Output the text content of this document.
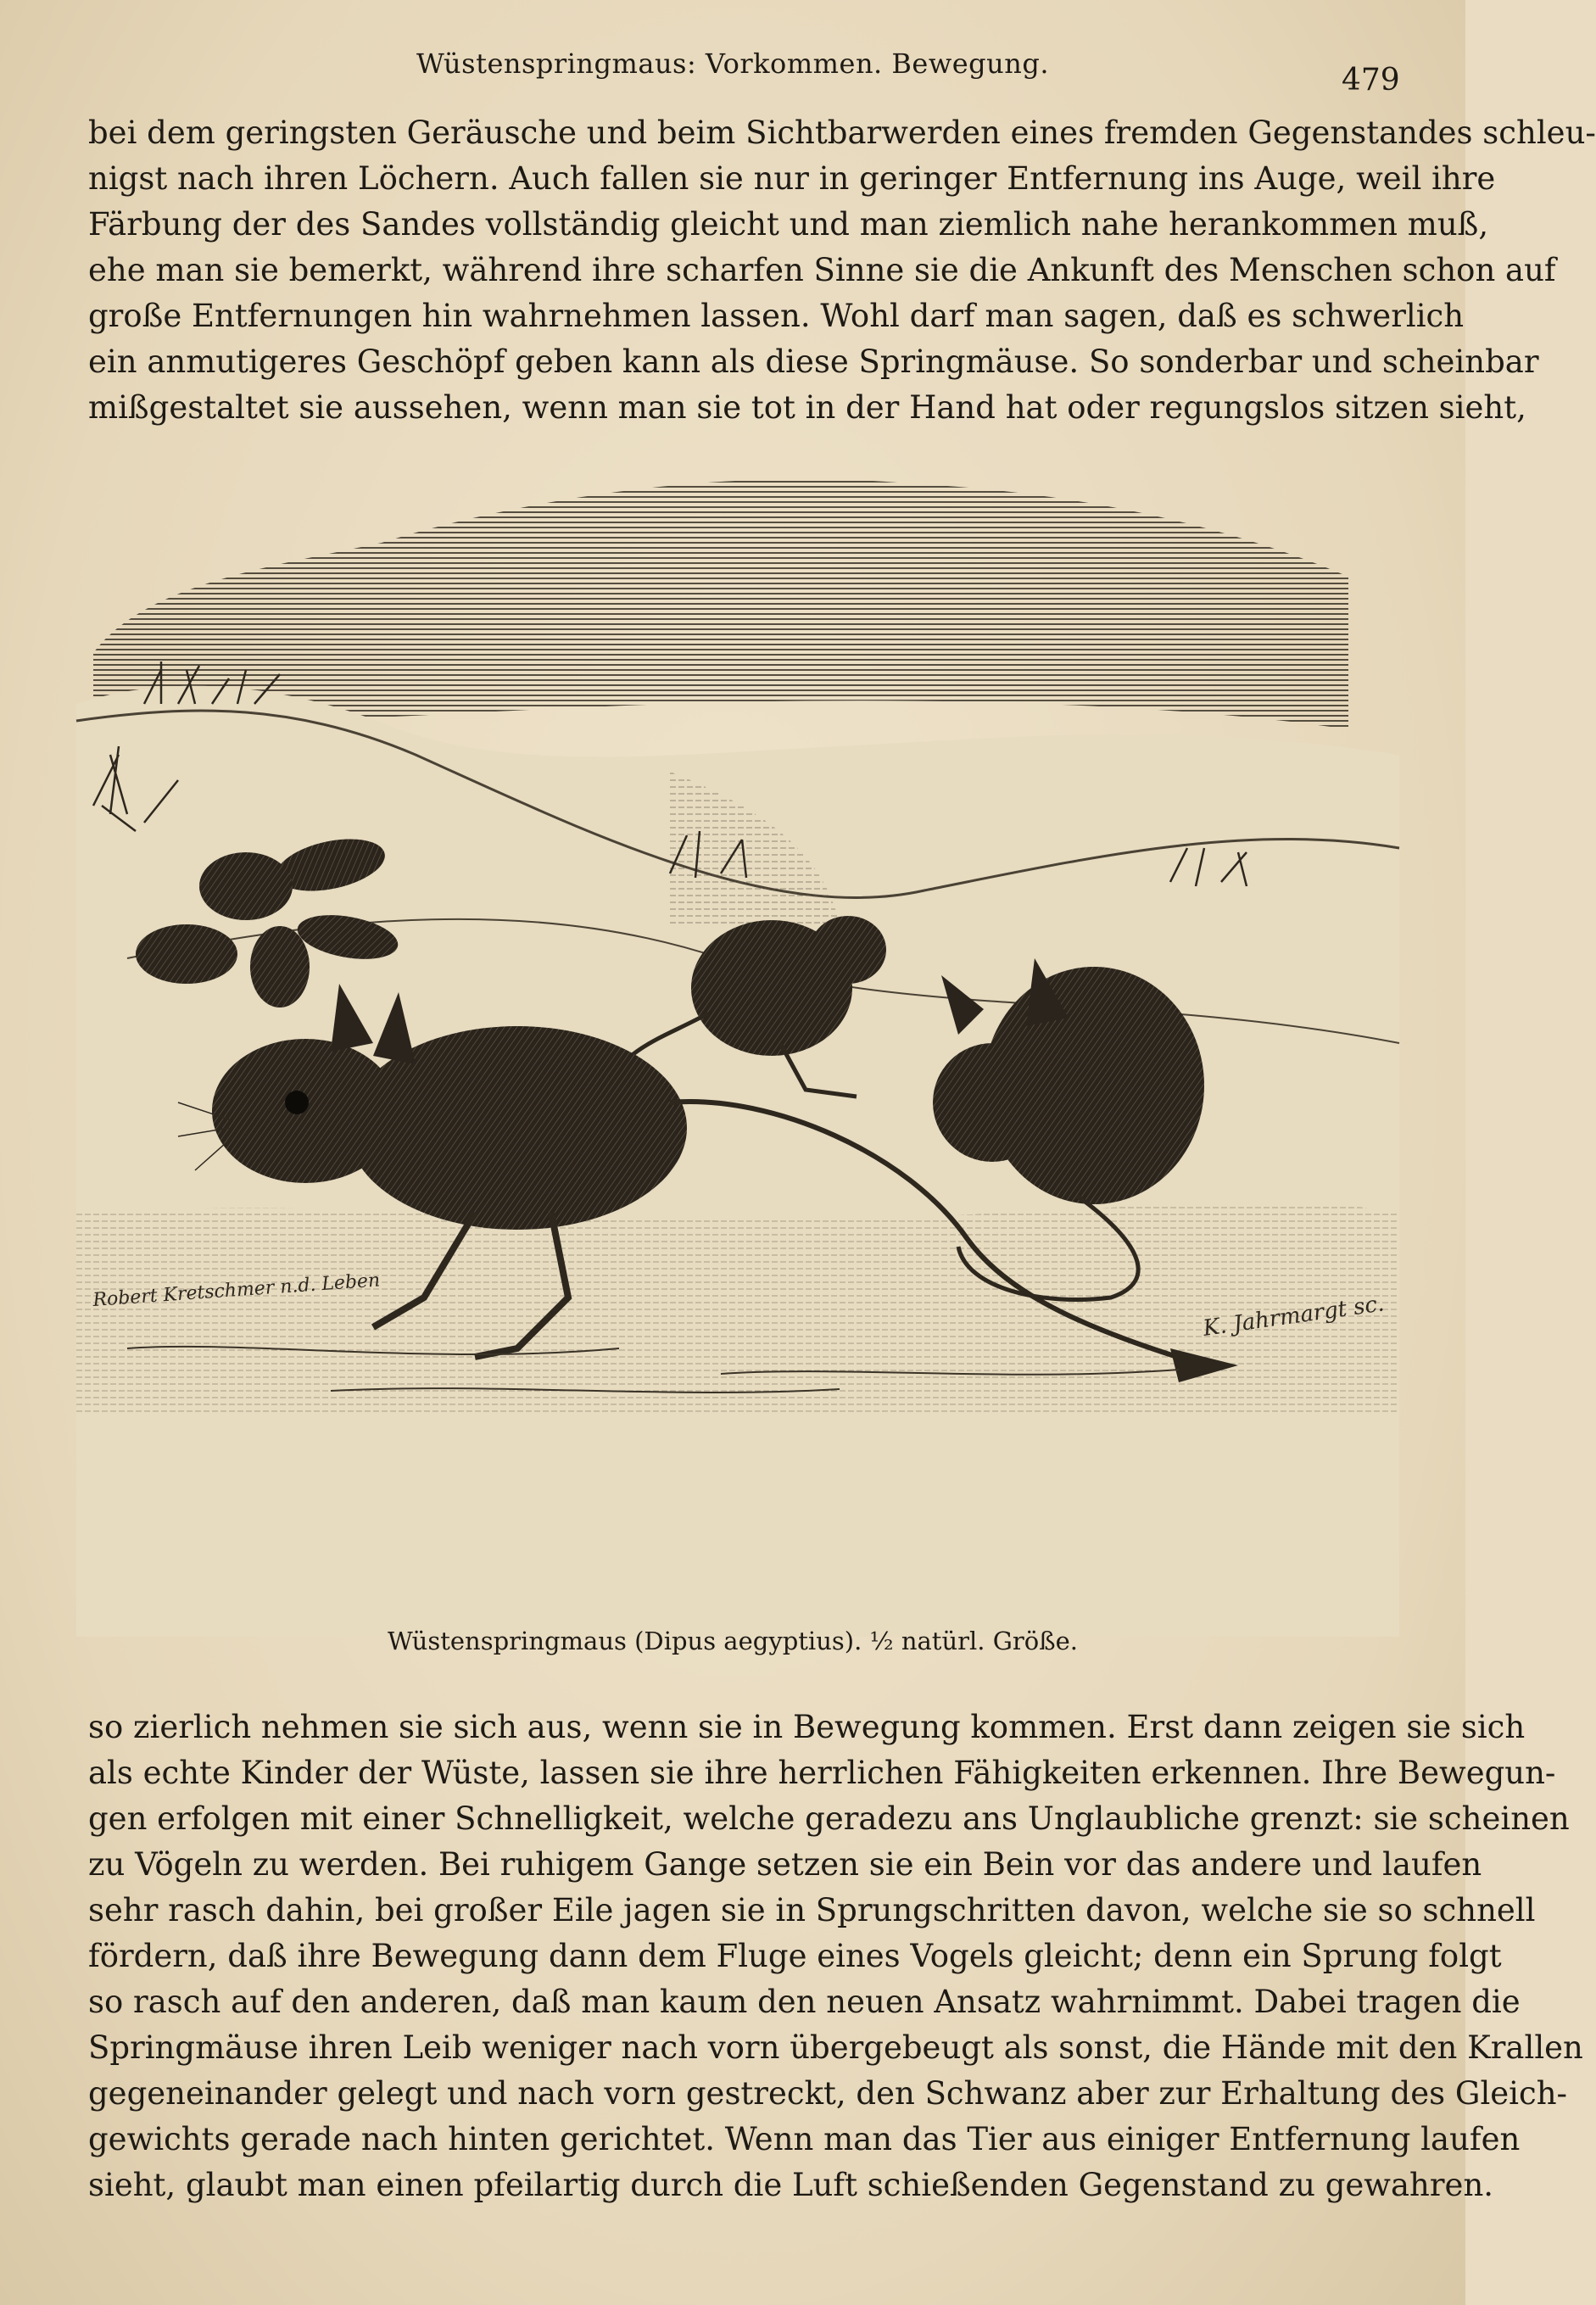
Wüstenspringmaus: Vorkommen. Bewegung.	479
bei dem geringsten Geräusche und beim Sichtbarwerden eines fremden Gegenstandes schleu-
nigst nach ihren Löchern. Auch fallen sie nur in geringer Entfernung ins Auge, weil ihre
Färbung der des Sandes vollständig gleicht und man ziemlich nahe herankommen muß,
ehe man sie bemerkt, während ihre scharfen Sinne sie die Ankunft des Menschen schon auf
große Entfernungen hin wahrnehmen lassen. Wohl darf man sagen, daß es schwerlich
ein anmutigeres Geschöpf geben kann als diese Springmäuse. So sonderbar und scheinbar
mißgestaltet sie aussehen, wenn man sie tot in der Hand hat oder regungslos sitzen sieht,
Robert Kretschmer n.d. Leben
K. Jahrmargt sc.
Wüstenspringmaus (Dipus aegyptius). ½ natürl. Größe.
so zierlich nehmen sie sich aus, wenn sie in Bewegung kommen. Erst dann zeigen sie sich
als echte Kinder der Wüste, lassen sie ihre herrlichen Fähigkeiten erkennen. Ihre Bewegun-
gen erfolgen mit einer Schnelligkeit, welche geradezu ans Unglaubliche grenzt: sie scheinen
zu Vögeln zu werden. Bei ruhigem Gange setzen sie ein Bein vor das andere und laufen
sehr rasch dahin, bei großer Eile jagen sie in Sprungschritten davon, welche sie so schnell
fördern, daß ihre Bewegung dann dem Fluge eines Vogels gleicht; denn ein Sprung folgt
so rasch auf den anderen, daß man kaum den neuen Ansatz wahrnimmt. Dabei tragen die
Springmäuse ihren Leib weniger nach vorn übergebeugt als sonst, die Hände mit den Krallen
gegeneinander gelegt und nach vorn gestreckt, den Schwanz aber zur Erhaltung des Gleich-
gewichts gerade nach hinten gerichtet. Wenn man das Tier aus einiger Entfernung laufen
sieht, glaubt man einen pfeilartig durch die Luft schießenden Gegenstand zu gewahren.
